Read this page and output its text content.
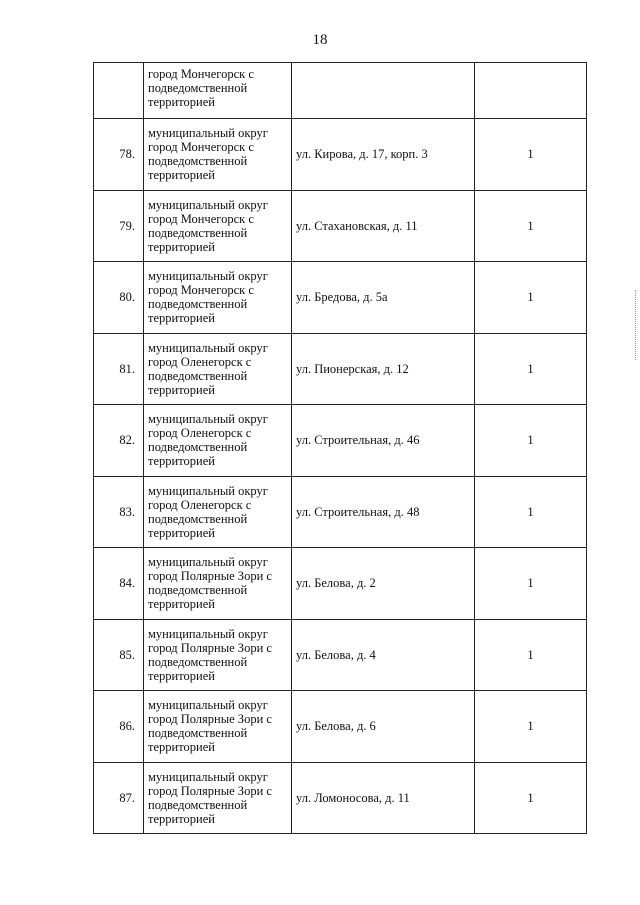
18
	город Мончегорск с подведомственной территорией		
78.	муниципальный округ город Мончегорск с подведомственной территорией	ул. Кирова, д. 17, корп. 3	1
79.	муниципальный округ город Мончегорск с подведомственной территорией	ул. Стахановская, д. 11	1
80.	муниципальный округ город Мончегорск с подведомственной территорией	ул. Бредова, д. 5а	1
81.	муниципальный округ город Оленегорск с подведомственной территорией	ул. Пионерская, д. 12	1
82.	муниципальный округ город Оленегорск с подведомственной территорией	ул. Строительная, д. 46	1
83.	муниципальный округ город Оленегорск с подведомственной территорией	ул. Строительная, д. 48	1
84.	муниципальный округ город Полярные Зори с подведомственной территорией	ул. Белова, д. 2	1
85.	муниципальный округ город Полярные Зори с подведомственной территорией	ул. Белова, д. 4	1
86.	муниципальный округ город Полярные Зори с подведомственной территорией	ул. Белова, д. 6	1
87.	муниципальный округ город Полярные Зори с подведомственной территорией	ул. Ломоносова, д. 11	1
